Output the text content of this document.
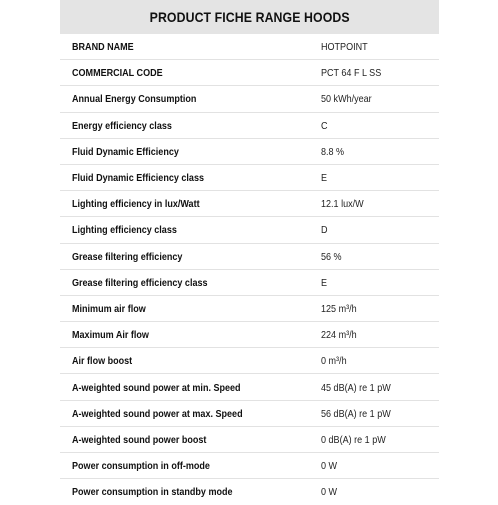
PRODUCT FICHE RANGE HOODS
BRAND NAME	HOTPOINT
COMMERCIAL CODE	PCT 64 F L SS
Annual Energy Consumption	50 kWh/year
Energy efficiency class	C
Fluid Dynamic Efficiency	8.8 %
Fluid Dynamic Efficiency class	E
Lighting efficiency in lux/Watt	12.1 lux/W
Lighting efficiency class	D
Grease filtering efficiency	56 %
Grease filtering efficiency class	E
Minimum air flow	125 m³/h
Maximum Air flow	224 m³/h
Air flow boost	0 m³/h
A-weighted sound power at min. Speed	45 dB(A) re 1 pW
A-weighted sound power at max. Speed	56 dB(A) re 1 pW
A-weighted sound power boost	0 dB(A) re 1 pW
Power consumption in off-mode	0 W
Power consumption in standby mode	0 W
